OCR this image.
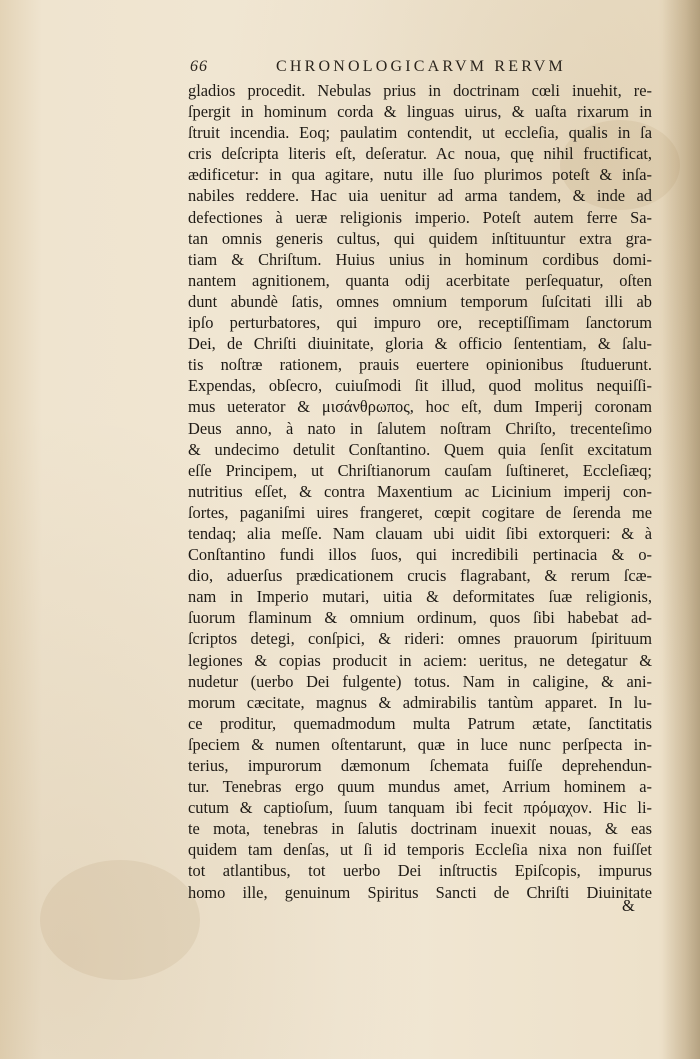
66	CHRONOLOGICARVM RERVM
gladios procedit. Nebulas prius in doctrinam cœli inuehit, re-
ſpergit in hominum corda & linguas uirus, & uaſta rixarum in
ſtruit incendia. Eoq; paulatim contendit, ut eccleſia, qualis in ſa
cris deſcripta literis eſt, deſeratur. Ac noua, quę nihil fructificat,
ædificetur: in qua agitare, nutu ille ſuo plurimos poteſt & inſa-
nabiles reddere. Hac uia uenitur ad arma tandem, & inde ad
defectiones à ueræ religionis imperio. Poteſt autem ferre Sa-
tan omnis generis cultus, qui quidem inſtituuntur extra gra-
tiam & Chriſtum. Huius unius in hominum cordibus domi-
nantem agnitionem, quanta odij acerbitate perſequatur, oſten
dunt abundè ſatis, omnes omnium temporum ſuſcitati illi ab
ipſo perturbatores, qui impuro ore, receptiſſimam ſanctorum
Dei, de Chriſti diuinitate, gloria & officio ſententiam, & ſalu-
tis noſtræ rationem, prauis euertere opinionibus ſtuduerunt.
Expendas, obſecro, cuiuſmodi ſit illud, quod molitus nequiſſi-
mus ueterator & μισάνθρωπος, hoc eſt, dum Imperij coronam
Deus anno, à nato in ſalutem noſtram Chriſto, trecenteſimo
& undecimo detulit Conſtantino. Quem quia ſenſit excitatum
eſſe Principem, ut Chriſtianorum cauſam ſuſtineret, Eccleſiæq;
nutritius eſſet, & contra Maxentium ac Licinium imperij con-
ſortes, paganiſmi uires frangeret, cœpit cogitare de ſerenda me
tendaq; alia meſſe. Nam clauam ubi uidit ſibi extorqueri: & à
Conſtantino fundi illos ſuos, qui incredibili pertinacia & o-
dio, aduerſus prædicationem crucis flagrabant, & rerum ſcæ-
nam in Imperio mutari, uitia & deformitates ſuæ religionis,
ſuorum flaminum & omnium ordinum, quos ſibi habebat ad-
ſcriptos detegi, conſpici, & rideri: omnes prauorum ſpirituum
legiones & copias producit in aciem: ueritus, ne detegatur &
nudetur (uerbo Dei fulgente) totus. Nam in caligine, & ani-
morum cæcitate, magnus & admirabilis tantùm apparet. In lu-
ce proditur, quemadmodum multa Patrum ætate, ſanctitatis
ſpeciem & numen oſtentarunt, quæ in luce nunc perſpecta in-
terius, impurorum dæmonum ſchemata fuiſſe deprehendun-
tur. Tenebras ergo quum mundus amet, Arrium hominem a-
cutum & captioſum, ſuum tanquam ibi fecit πρόμαχον. Hic li-
te mota, tenebras in ſalutis doctrinam inuexit nouas, & eas
quidem tam denſas, ut ſi id temporis Eccleſia nixa non fuiſſet
tot atlantibus, tot uerbo Dei inſtructis Epiſcopis, impurus
homo ille, genuinum Spiritus Sancti de Chriſti Diuinitate
&
